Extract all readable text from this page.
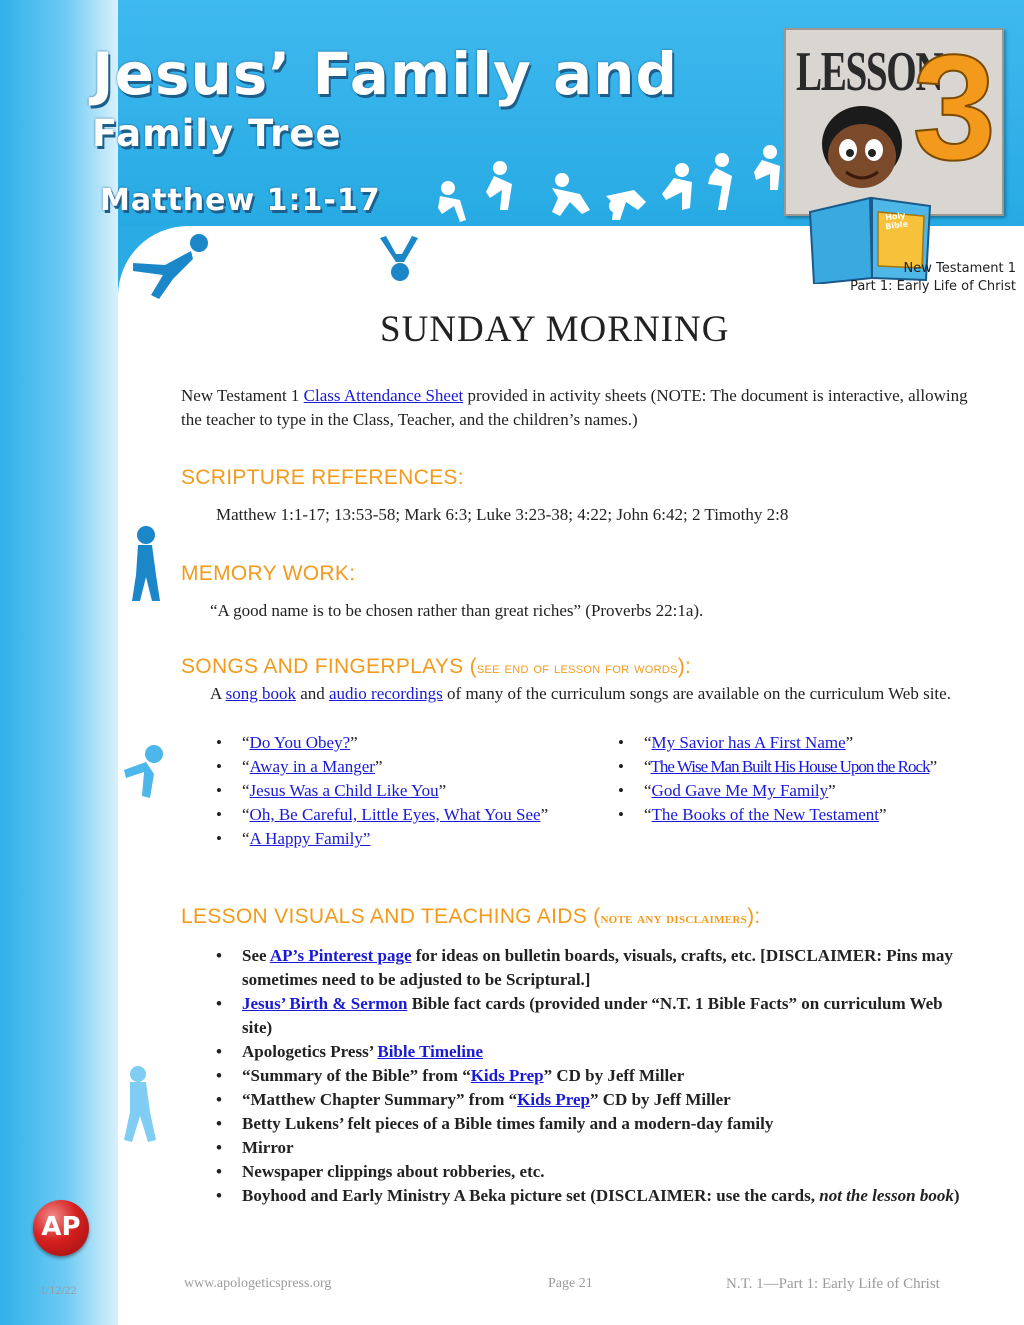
Jesus’ Family and
Family Tree
Matthew 1:1-17
LESSON
3
Holy Bible
New Testament 1
Part 1: Early Life of Christ
SUNDAY MORNING
New Testament 1 Class Attendance Sheet provided in activity sheets (NOTE: The document is interactive, allowing the teacher to type in the Class, Teacher, and the children’s names.)
SCRIPTURE REFERENCES:
Matthew 1:1-17; 13:53-58; Mark 6:3; Luke 3:23-38; 4:22; John 6:42; 2 Timothy 2:8
MEMORY WORK:
“A good name is to be chosen rather than great riches” (Proverbs 22:1a).
SONGS AND FINGERPLAYS (see end of lesson for words):
A song book and audio recordings of many of the curriculum songs are available on the curriculum Web site.
• “Do You Obey?”
• “Away in a Manger”
• “Jesus Was a Child Like You”
• “Oh, Be Careful, Little Eyes, What You See”
• “A Happy Family”
• “My Savior has A First Name”
• “The Wise Man Built His House Upon the Rock”
• “God Gave Me My Family”
• “The Books of the New Testament”
LESSON VISUALS AND TEACHING AIDS (note any disclaimers):
• See AP’s Pinterest page for ideas on bulletin boards, visuals, crafts, etc. [DISCLAIMER: Pins may sometimes need to be adjusted to be Scriptural.]
• Jesus’ Birth & Sermon Bible fact cards (provided under “N.T. 1 Bible Facts” on curriculum Web site)
• Apologetics Press’ Bible Timeline
• “Summary of the Bible” from “Kids Prep” CD by Jeff Miller
• “Matthew Chapter Summary” from “Kids Prep” CD by Jeff Miller
• Betty Lukens’ felt pieces of a Bible times family and a modern-day family
• Mirror
• Newspaper clippings about robberies, etc.
• Boyhood and Early Ministry A Beka picture set (DISCLAIMER: use the cards, not the lesson book)
AP
1/12/22	www.apologeticspress.org	Page 21	N.T. 1—Part 1: Early Life of Christ
